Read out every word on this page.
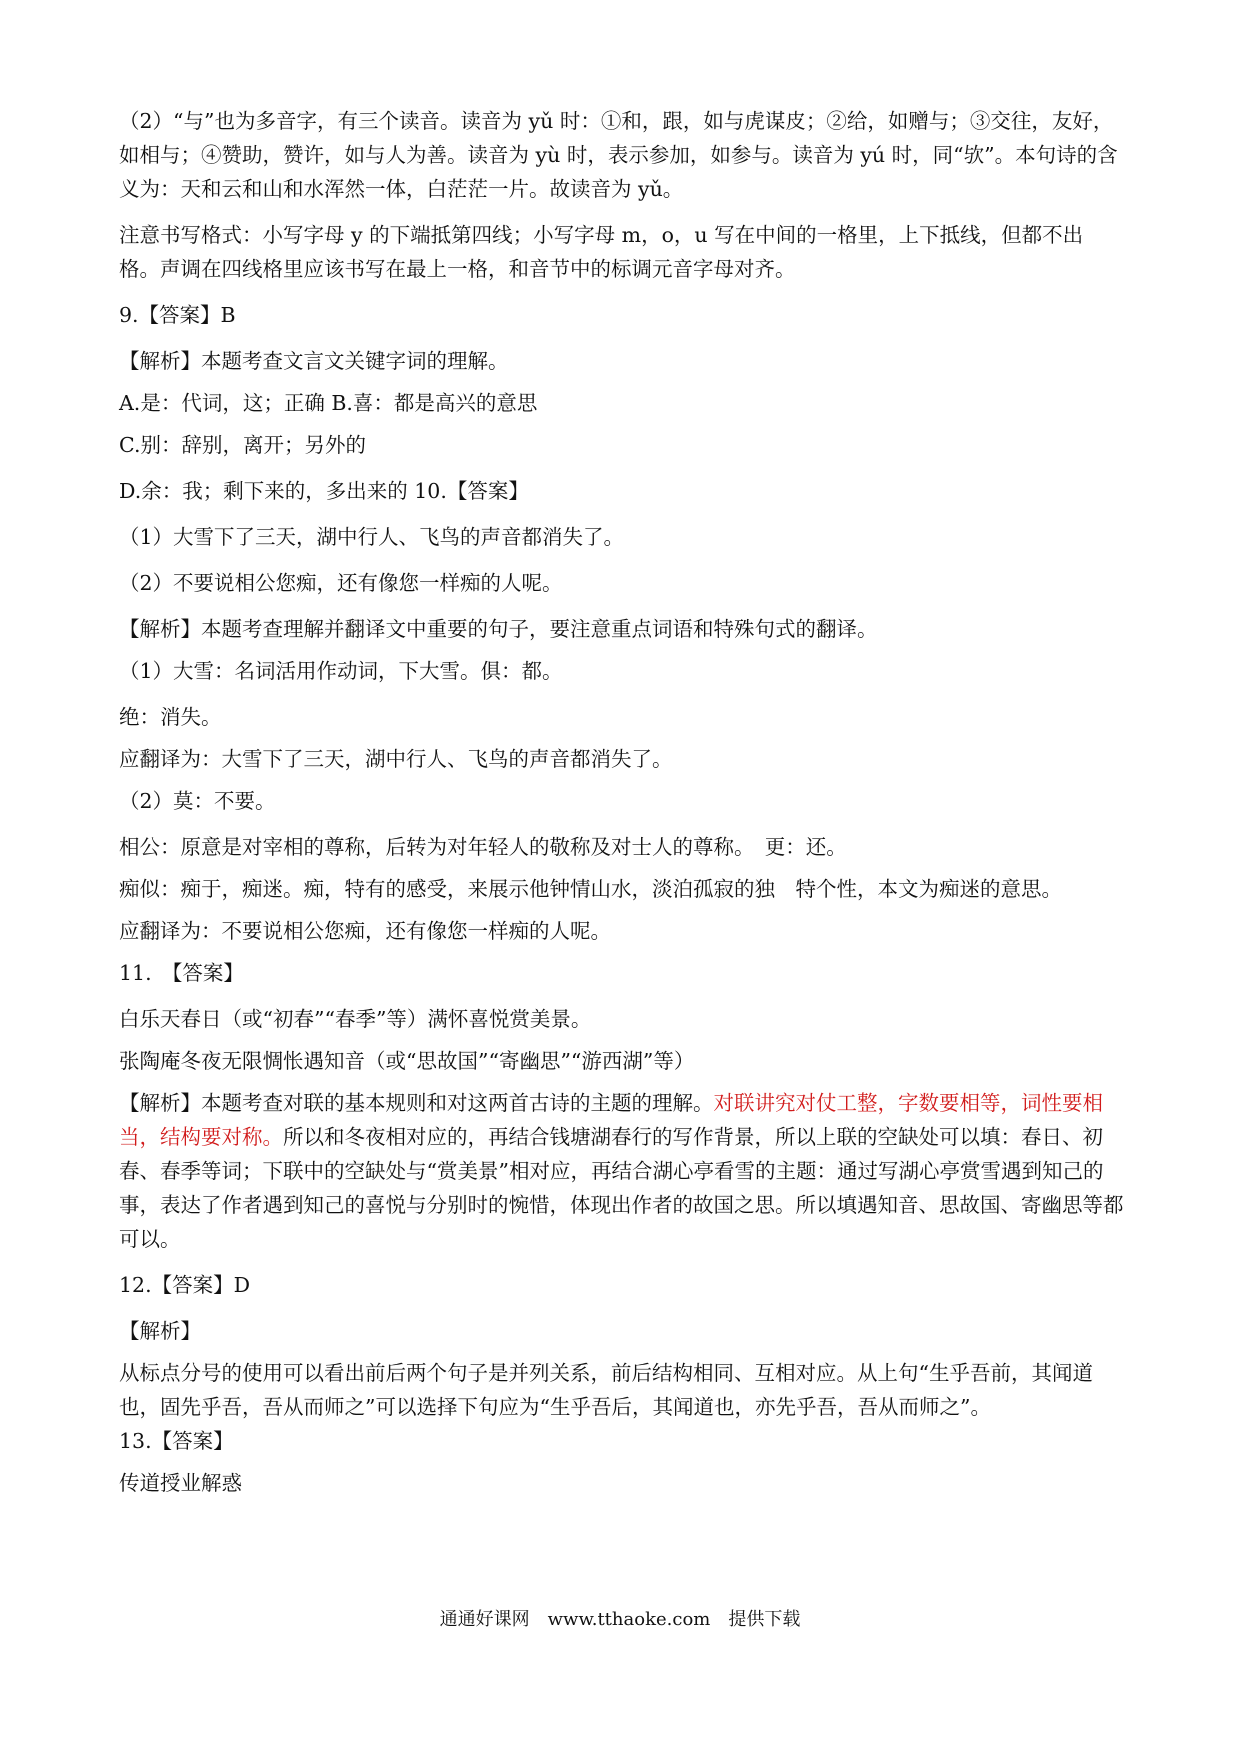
（2）“与”也为多音字，有三个读音。读音为 yǔ 时：①和，跟，如与虎谋皮；②给，如赠与；③交往，友好，如相与；④赞助，赞许，如与人为善。读音为 yù 时，表示参加，如参与。读音为 yú 时，同“欤”。本句诗的含义为：天和云和山和水浑然一体，白茫茫一片。故读音为 yǔ。

注意书写格式：小写字母 y 的下端抵第四线；小写字母 m，o，u 写在中间的一格里，上下抵线，但都不出格。声调在四线格里应该书写在最上一格，和音节中的标调元音字母对齐。

9.【答案】B

【解析】本题考查文言文关键字词的理解。

A.是：代词，这；正确 B.喜：都是高兴的意思

C.别：辞别，离开；另外的

D.余：我；剩下来的，多出来的 10.【答案】

（1）大雪下了三天，湖中行人、飞鸟的声音都消失了。

（2）不要说相公您痴，还有像您一样痴的人呢。

【解析】本题考查理解并翻译文中重要的句子，要注意重点词语和特殊句式的翻译。

（1）大雪：名词活用作动词，下大雪。俱：都。

绝：消失。

应翻译为：大雪下了三天，湖中行人、飞鸟的声音都消失了。

（2）莫：不要。

相公：原意是对宰相的尊称，后转为对年轻人的敬称及对士人的尊称。　更：还。

痴似：痴于，痴迷。痴，特有的感受，来展示他钟情山水，淡泊孤寂的独　特个性，本文为痴迷的意思。

应翻译为：不要说相公您痴，还有像您一样痴的人呢。

11.　【答案】

白乐天春日（或“初春”“春季”等）满怀喜悦赏美景。

张陶庵冬夜无限惆怅遇知音（或“思故国”“寄幽思”“游西湖”等）

【解析】本题考查对联的基本规则和对这两首古诗的主题的理解。对联讲究对仗工整，字数要相等，词性要相当，结构要对称。所以和冬夜相对应的，再结合钱塘湖春行的写作背景，所以上联的空缺处可以填：春日、初春、春季等词；下联中的空缺处与“赏美景”相对应，再结合湖心亭看雪的主题：通过写湖心亭赏雪遇到知己的事，表达了作者遇到知己的喜悦与分别时的惋惜，体现出作者的故国之思。所以填遇知音、思故国、寄幽思等都可以。

12.【答案】D

【解析】

从标点分号的使用可以看出前后两个句子是并列关系，前后结构相同、互相对应。从上句“生乎吾前，其闻道也，固先乎吾，吾从而师之”可以选择下句应为“生乎吾后，其闻道也，亦先乎吾，吾从而师之”。

13.【答案】

传道授业解惑

通通好课网　www.tthaoke.com　提供下载
